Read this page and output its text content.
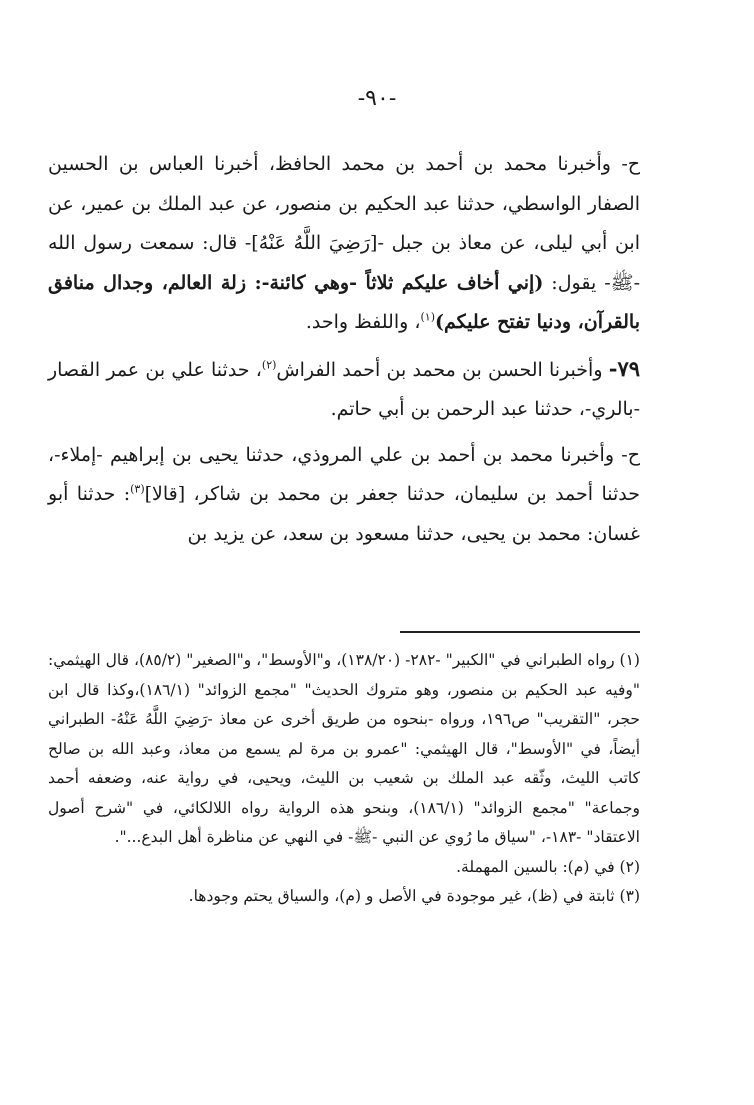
-٩٠-

ح- وأخبرنا محمد بن أحمد بن محمد الحافظ، أخبرنا العباس بن الحسين الصفار الواسطي، حدثنا عبد الحكيم بن منصور، عن عبد الملك بن عمير، عن ابن أبي ليلى، عن معاذ بن جبل -[رَضِيَ اللَّهُ عَنْهُ]- قال: سمعت رسول الله -ﷺ- يقول: (إني أخاف عليكم ثلاثاً -وهي كائنة-: زلة العالم، وجدال منافق بالقرآن، ودنيا تفتح عليكم)$^{(١)}$، واللفظ واحد.

٧٩- وأخبرنا الحسن بن محمد بن أحمد الفراش$^{(٢)}$، حدثنا علي بن عمر القصار -بالري-، حدثنا عبد الرحمن بن أبي حاتم.

ح- وأخبرنا محمد بن أحمد بن علي المروذي، حدثنا يحيى بن إبراهيم -إملاء-، حدثنا أحمد بن سليمان، حدثنا جعفر بن محمد بن شاكر، [قالا]$^{(٣)}$: حدثنا أبو غسان: محمد بن يحيى، حدثنا مسعود بن سعد، عن يزيد بن

(١) رواه الطبراني في "الكبير" -٢٨٢- (١٣٨/٢٠)، و"الأوسط"، و"الصغير" (٨٥/٢)، قال الهيثمي: "وفيه عبد الحكيم بن منصور، وهو متروك الحديث" "مجمع الزوائد" (١٨٦/١)،وكذا قال ابن حجر، "التقريب" ص١٩٦، ورواه -بنحوه من طريق أخرى عن معاذ -رَضِيَ اللَّهُ عَنْهُ- الطبراني أيضاً، في "الأوسط"، قال الهيثمي: "عمرو بن مرة لم يسمع من معاذ، وعبد الله بن صالح كاتب الليث، وثّقه عبد الملك بن شعيب بن الليث، ويحيى، في رواية عنه، وضعفه أحمد وجماعة" "مجمع الزوائد" (١٨٦/١)، وبنحو هذه الرواية رواه اللالكائي، في "شرح أصول الاعتقاد" -١٨٣-، "سياق ما رُوي عن النبي -ﷺ- في النهي عن مناظرة أهل البدع...".

(٢) في (م): بالسين المهملة.

(٣) ثابتة في (ظ)، غير موجودة في الأصل و (م)، والسياق يحتم وجودها.
